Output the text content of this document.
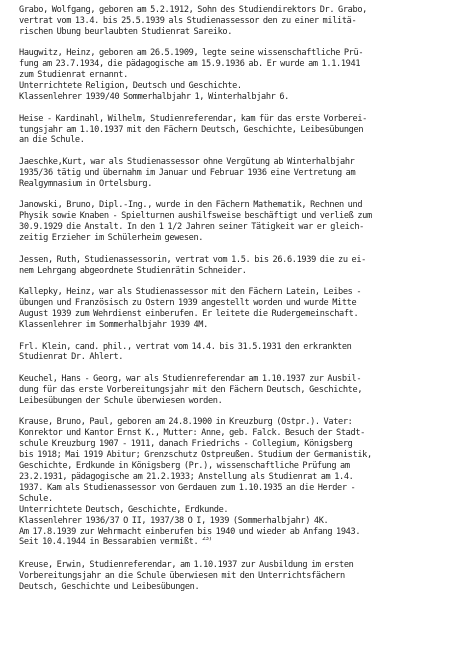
Grabo, Wolfgang, geboren am 5.2.1912, Sohn des Studiendirektors Dr. Grabo,
vertrat vom 13.4. bis 25.5.1939 als Studienassessor den zu einer militä-
rischen Übung beurlaubten Studienrat Sareiko.
Haugwitz, Heinz, geboren am 26.5.1909, legte seine wissenschaftliche Prü-
fung am 23.7.1934, die pädagogische am 15.9.1936 ab. Er wurde am 1.1.1941
zum Studienrat ernannt.
Unterrichtete Religion, Deutsch und Geschichte.
Klassenlehrer 1939/40 Sommerhalbjahr 1, Winterhalbjahr 6.
Heise - Kardinahl, Wilhelm, Studienreferendar, kam für das erste Vorberei-
tungsjahr am 1.10.1937 mit den Fächern Deutsch, Geschichte, Leibesübungen
an die Schule.
Jaeschke,Kurt, war als Studienassessor ohne Vergütung ab Winterhalbjahr
1935/36 tätig und übernahm im Januar und Februar 1936 eine Vertretung am
Realgymnasium in Ortelsburg.
Janowski, Bruno, Dipl.-Ing., wurde in den Fächern Mathematik, Rechnen und
Physik sowie Knaben - Spielturnen aushilfsweise beschäftigt und verließ zum
30.9.1929 die Anstalt. In den 1 1/2 Jahren seiner Tätigkeit war er gleich-
zeitig Erzieher im Schülerheim gewesen.
Jessen, Ruth, Studienassessorin, vertrat vom 1.5. bis 26.6.1939 die zu ei-
nem Lehrgang abgeordnete Studienrätin Schneider.
Kallepky, Heinz, war als Studienassessor mit den Fächern Latein, Leibes -
übungen und Französisch zu Ostern 1939 angestellt worden und wurde Mitte
August 1939 zum Wehrdienst einberufen. Er leitete die Rudergemeinschaft.
Klassenlehrer im Sommerhalbjahr 1939 4M.
Frl. Klein, cand. phil., vertrat vom 14.4. bis 31.5.1931 den erkrankten
Studienrat Dr. Ahlert.
Keuchel, Hans - Georg, war als Studienreferendar am 1.10.1937 zur Ausbil-
dung für das erste Vorbereitungsjahr mit den Fächern Deutsch, Geschichte,
Leibesübungen der Schule überwiesen worden.
Krause, Bruno, Paul, geboren am 24.8.1900 in Kreuzburg (Ostpr.). Vater:
Konrektor und Kantor Ernst K., Mutter: Anne, geb. Falck. Besuch der Stadt-
schule Kreuzburg 1907 - 1911, danach Friedrichs - Collegium, Königsberg
bis 1918; Mai 1919 Abitur; Grenzschutz Ostpreußen. Studium der Germanistik,
Geschichte, Erdkunde in Königsberg (Pr.), wissenschaftliche Prüfung am
23.2.1931, pädagogische am 21.2.1933; Anstellung als Studienrat am 1.4.
1937. Kam als Studienassessor von Gerdauen zum 1.10.1935 an die Herder -
Schule.
Unterrichtete Deutsch, Geschichte, Erdkunde.
Klassenlehrer 1936/37 O II, 1937/38 O I, 1939 (Sommerhalbjahr) 4K.
Am 17.8.1939 zur Wehrmacht einberufen bis 1940 und wieder ab Anfang 1943.
Seit 10.4.1944 in Bessarabien vermißt. $^{23)}$
Kreuse, Erwin, Studienreferendar, am 1.10.1937 zur Ausbildung im ersten
Vorbereitungsjahr an die Schule überwiesen mit den Unterrichtsfächern
Deutsch, Geschichte und Leibesübungen.
